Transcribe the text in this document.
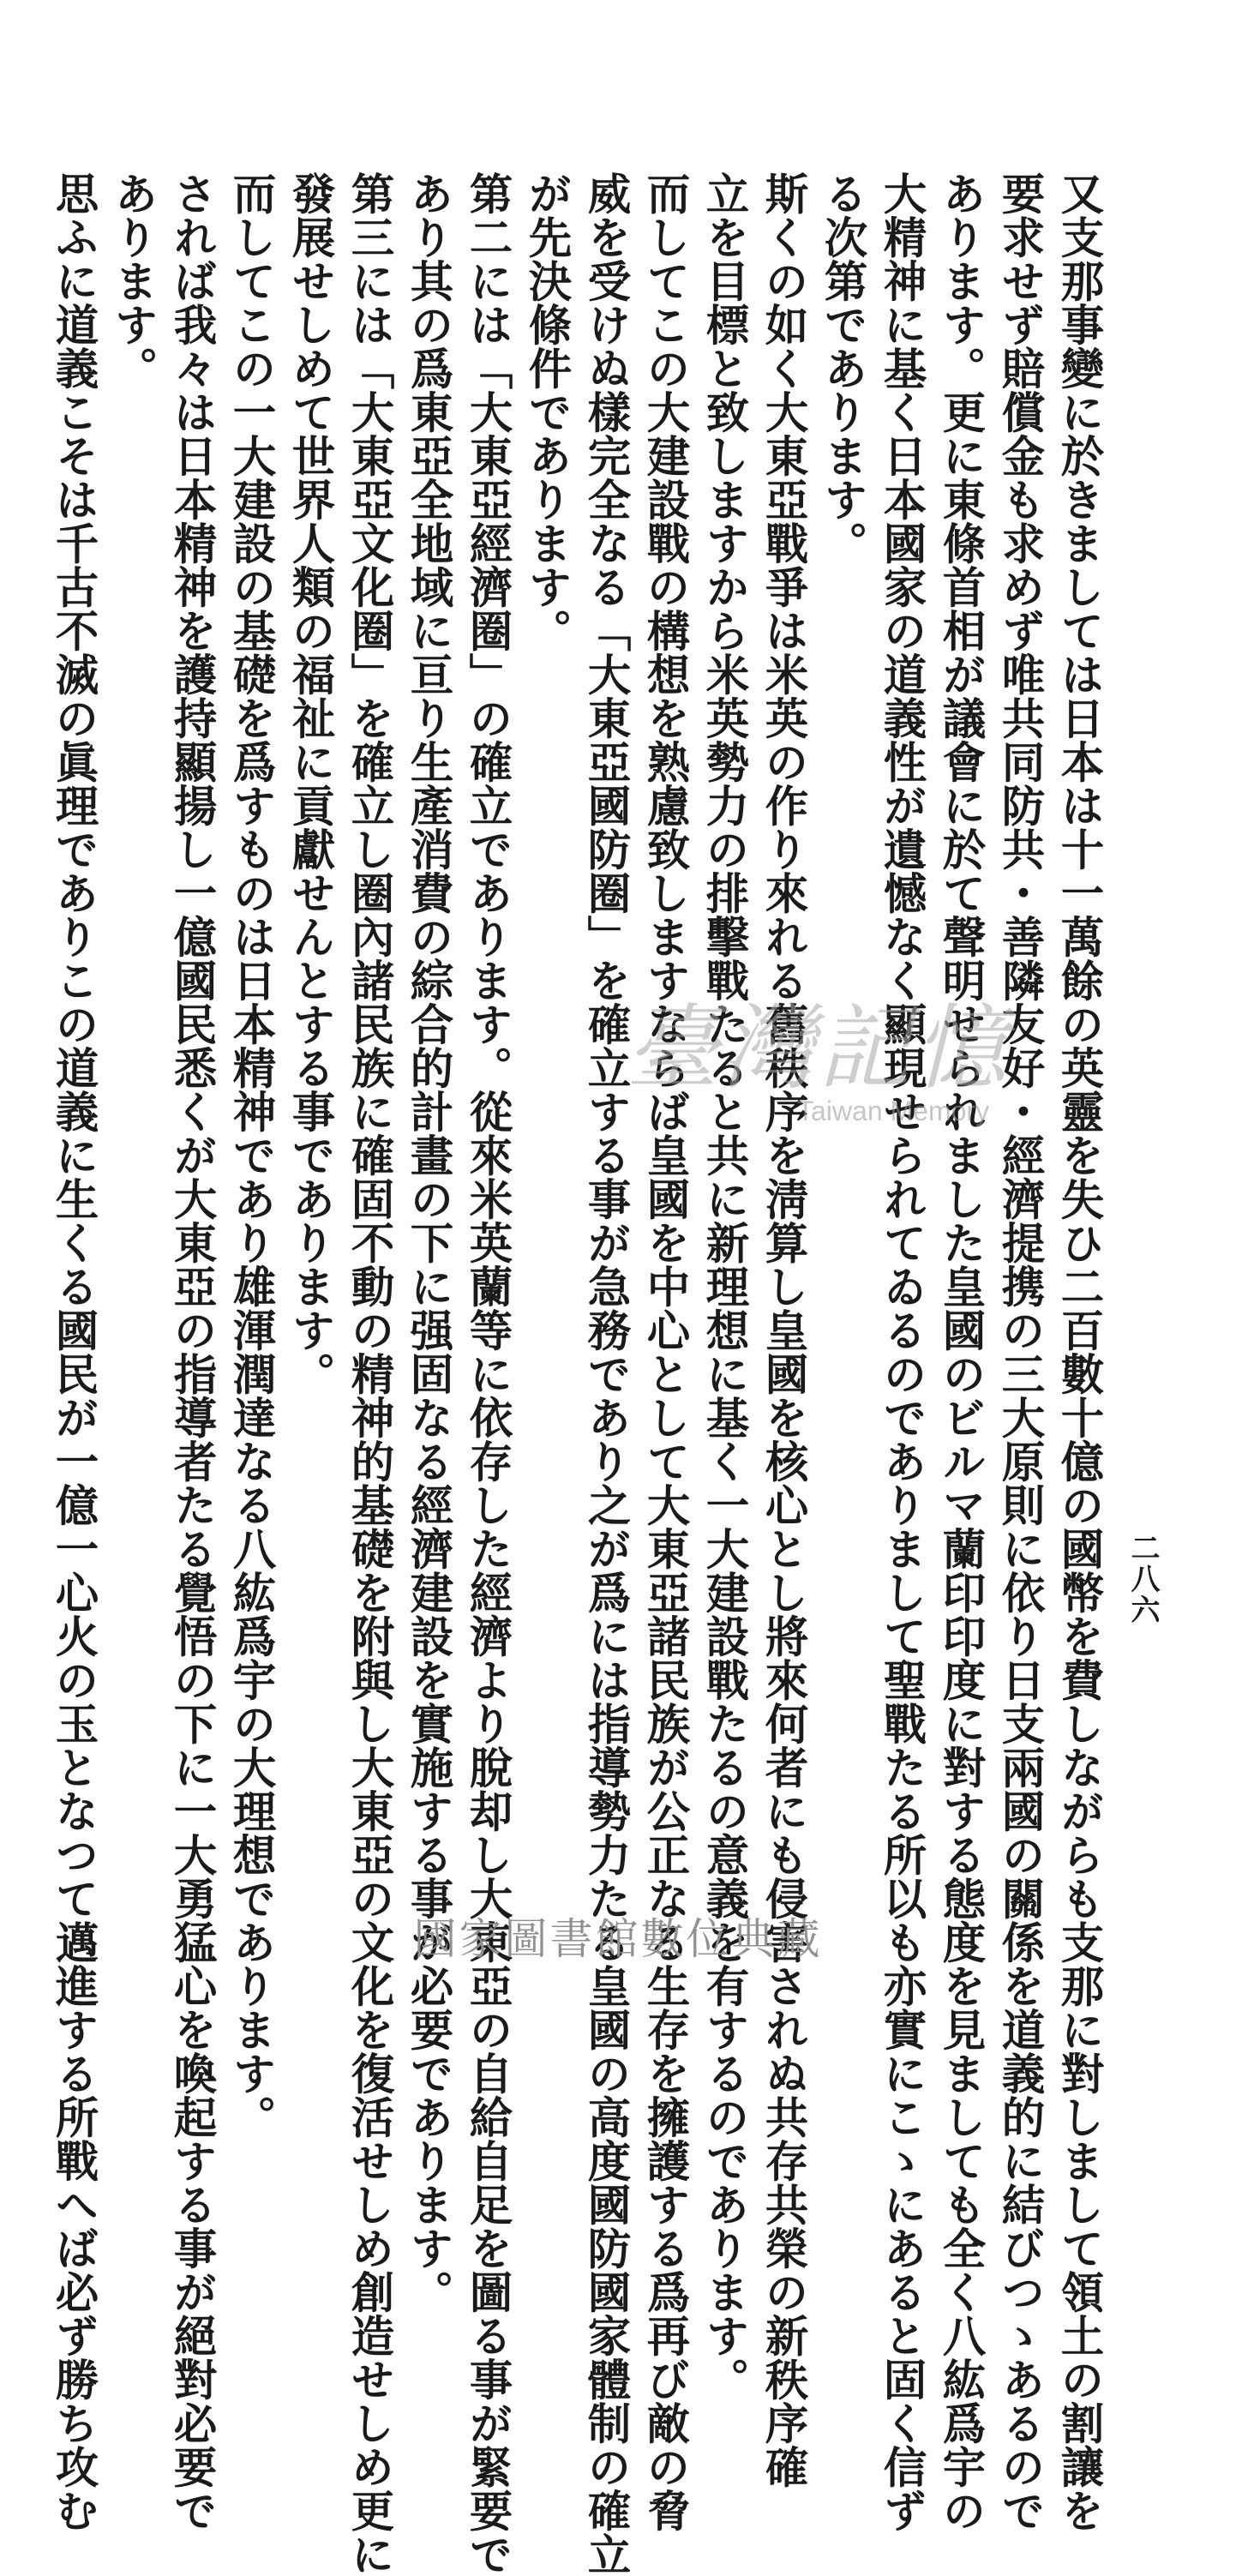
二八六

又支那事變に於きましては日本は十一萬餘の英靈を失ひ二百數十億の國幣を費しながらも支那に對しまして領土の割讓を

要求せず賠償金も求めず唯共同防共・善隣友好・經濟提携の三大原則に依り日支兩國の關係を道義的に結びつゝあるので

あります。更に東條首相が議會に於て聲明せられました皇國のビルマ蘭印印度に對する態度を見ましても全く八紘爲宇の

大精神に基く日本國家の道義性が遺憾なく顯現せられてゐるのでありまして聖戰たる所以も亦實にこゝにあると固く信ず

る次第であります。

斯くの如く大東亞戰爭は米英の作り來れる舊秩序を淸算し皇國を核心とし將來何者にも侵害されぬ共存共榮の新秩序確

立を目標と致しますから米英勢力の排擊戰たると共に新理想に基く一大建設戰たるの意義を有するのであります。

而してこの大建設戰の構想を熟慮致しますならば皇國を中心として大東亞諸民族が公正なる生存を擁護する爲再び敵の脅

威を受けぬ樣完全なる「大東亞國防圈」を確立する事が急務であり之が爲には指導勢力たる皇國の高度國防國家體制の確立

が先決條件であります。

第二には「大東亞經濟圈」の確立であります。從來米英蘭等に依存した經濟より脫却し大東亞の自給自足を圖る事が緊要で

あり其の爲東亞全地域に亘り生產消費の綜合的計畫の下に强固なる經濟建設を實施する事が必要であります。

第三には「大東亞文化圈」を確立し圈內諸民族に確固不動の精神的基礎を附與し大東亞の文化を復活せしめ創造せしめ更に

發展せしめて世界人類の福祉に貢獻せんとする事であります。

而してこの一大建設の基礎を爲すものは日本精神であり雄渾潤達なる八紘爲宇の大理想であります。

されば我々は日本精神を護持顯揚し一億國民悉くが大東亞の指導者たる覺悟の下に一大勇猛心を喚起する事が絕對必要で

あります。

思ふに道義こそは千古不滅の眞理でありこの道義に生くる國民が一億一心火の玉となつて邁進する所戰へば必ず勝ち攻む	臺灣記憶
Taiwan Memory
國家圖書館數位典藏
